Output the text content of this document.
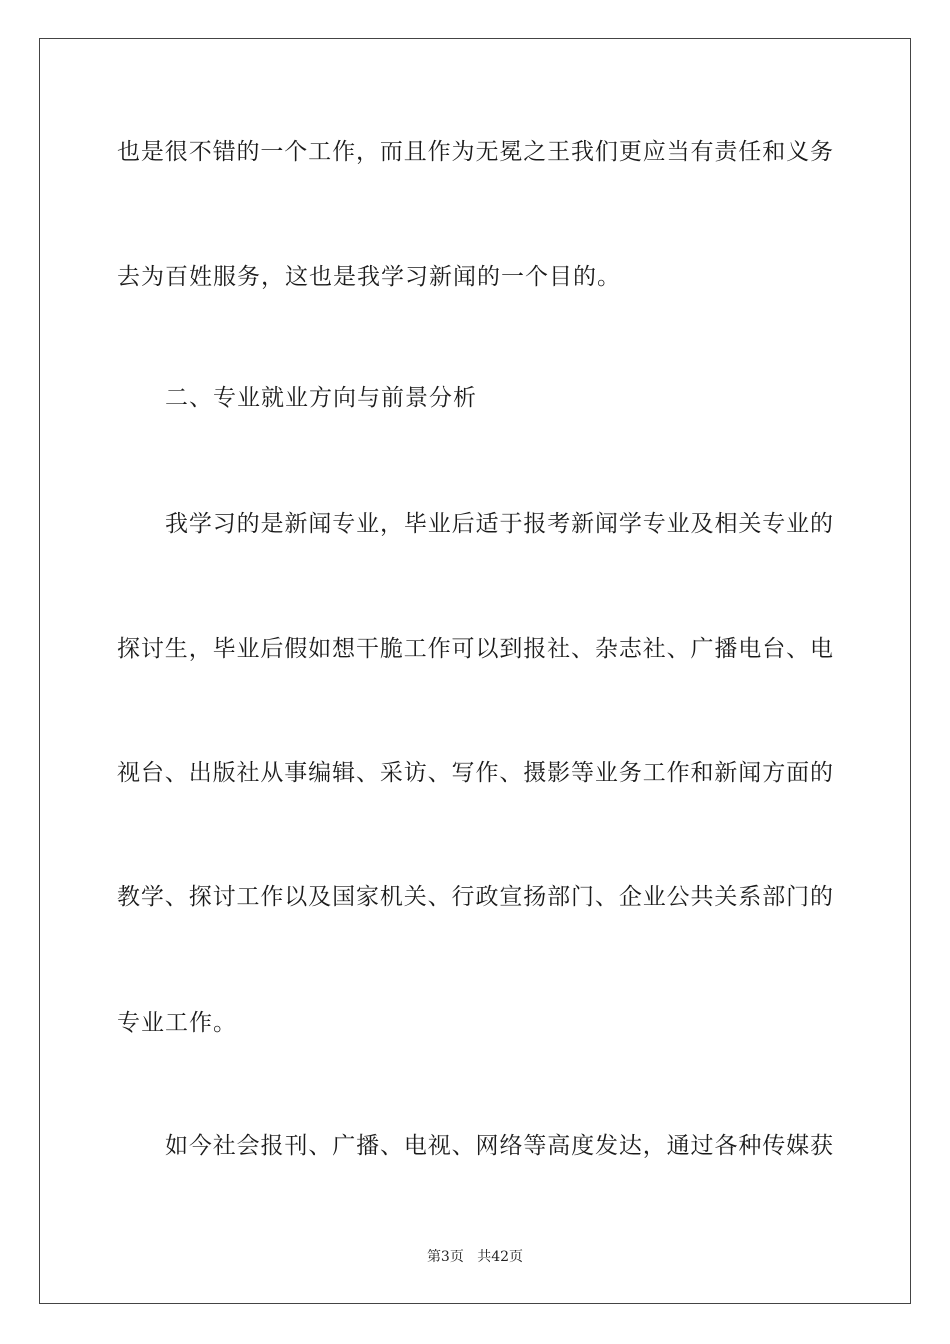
也是很不错的一个工作，而且作为无冕之王我们更应当有责任和义务
去为百姓服务，这也是我学习新闻的一个目的。
二、专业就业方向与前景分析
我学习的是新闻专业，毕业后适于报考新闻学专业及相关专业的
探讨生，毕业后假如想干脆工作可以到报社、杂志社、广播电台、电
视台、出版社从事编辑、采访、写作、摄影等业务工作和新闻方面的
教学、探讨工作以及国家机关、行政宣扬部门、企业公共关系部门的
专业工作。
如今社会报刊、广播、电视、网络等高度发达，通过各种传媒获
第3页 共42页
